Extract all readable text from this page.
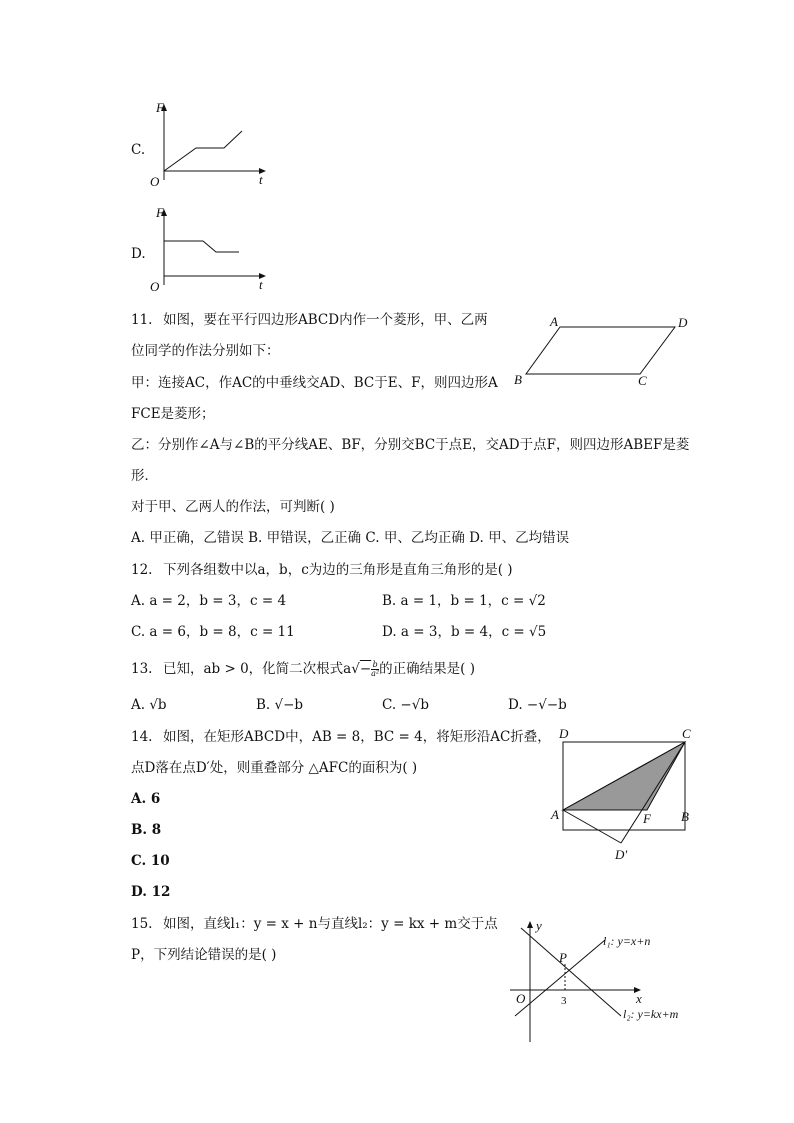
C.
F
t
O
D.
F
t
O
11. 如图，要在平行四边形ABCD内作一个菱形，甲、乙两
位同学的作法分别如下：
甲：连接AC，作AC的中垂线交AD、BC于E、F，则四边形A
FCE是菱形；
乙：分别作∠A与∠B的平分线AE、BF，分别交BC于点E，交AD于点F，则四边形ABEF是菱
形．
对于甲、乙两人的作法，可判断( )
A. 甲正确，乙错误 B. 甲错误，乙正确 C. 甲、乙均正确 D. 甲、乙均错误
A	D
B	C
12. 下列各组数中以a，b，c为边的三角形是直角三角形的是( )
A. a = 2，b = 3，c = 4	B. a = 1，b = 1，c = √2
C. a = 6，b = 8，c = 11	D. a = 3，b = 4，c = √5
13. 已知，ab > 0，化简二次根式$a√- \frac{b}{\text{a²}}$ 的正确结果是( )
A. √b	B. √−b	C. −√b	D. −√−b
14. 如图，在矩形ABCD中，AB = 8，BC = 4，将矩形沿AC折叠，
点D落在点D′处，则重叠部分 △AFC的面积为( )
A. 6
B. 8
C. 10
D. 12
D	C
A	F B
D′
15. 如图，直线l₁：y = x + n与直线l₂：y = kx + m交于点
P，下列结论错误的是( )
y
x
O
P
3
l₁: y=x+n
l₂: y=kx+m
